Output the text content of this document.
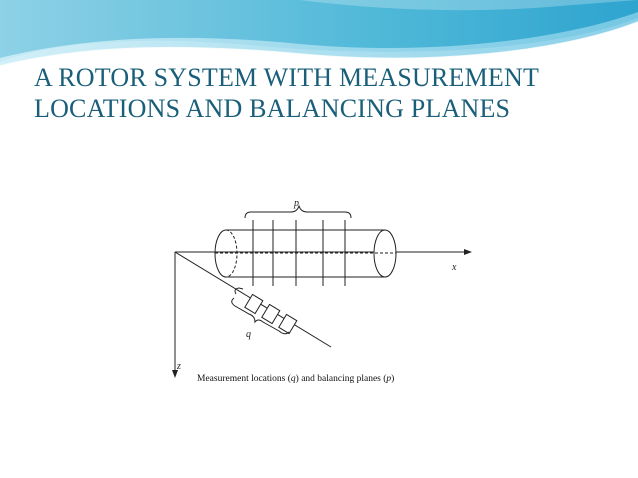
A ROTOR SYSTEM WITH MEASUREMENT
LOCATIONS AND BALANCING PLANES
p
q
x
z
Measurement locations (q) and balancing planes (p)
